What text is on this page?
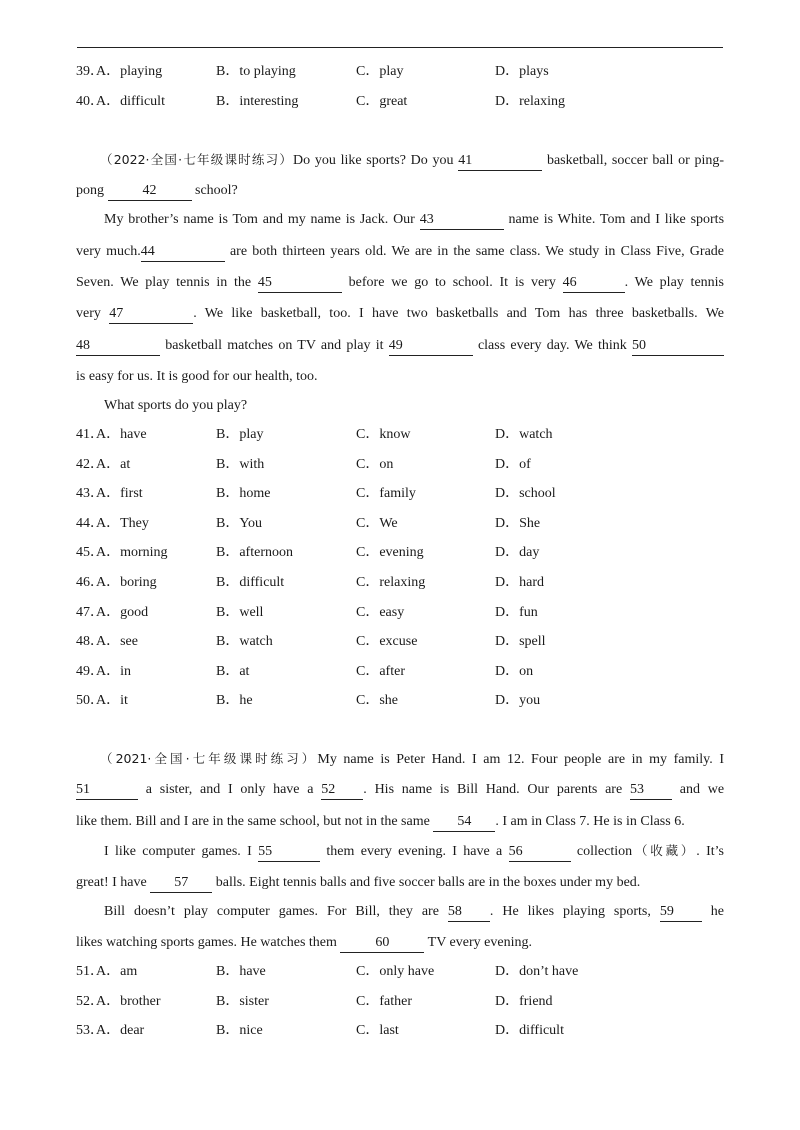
39．
A．playing	B．to playing	C．play	D．plays
40．
A．difficult	B．interesting	C．great	D．relaxing
（2022·全国·七年级课时练习）Do you like sports? Do you 41	basketball, soccer ball or ping-
pong	42	school?
My brother’s name is Tom and my name is Jack. Our 43	name is White. Tom and I like sports
very much.44	are both thirteen years old. We are in the same class. We study in Class Five, Grade
Seven. We play tennis in the 45	before we go to school. It is very 46	. We play tennis
very 47	. We like basketball, too. I have two basketballs and Tom has three basketballs. We
48	basketball matches on TV and play it 49	class every day. We think 50
is easy for us. It is good for our health, too.
What sports do you play?
41．
A．have	B．play	C．know	D．watch
42．
A．at	B．with	C．on	D．of
43．
A．first	B．home	C．family	D．school
44．
A．They	B．You	C．We	D．She
45．
A．morning	B．afternoon	C．evening	D．day
46．
A．boring	B．difficult	C．relaxing	D．hard
47．
A．good	B．well	C．easy	D．fun
48．
A．see	B．watch	C．excuse	D．spell
49．
A．in	B．at	C．after	D．on
50．
A．it	B．he	C．she	D．you
（2021·全国·七年级课时练习）My name is Peter Hand. I am 12. Four people are in my family. I
51	a sister, and I only have a 52 . His name is Bill Hand. Our parents are 53	and we
like them. Bill and I are in the same school, but not in the same 54 . I am in Class 7. He is in Class 6.
I like computer games. I 55	them every evening. I have a 56	collection（收藏）. It’s
great! I have 57 balls. Eight tennis balls and five soccer balls are in the boxes under my bed.
Bill doesn’t play computer games. For Bill, they are 58 . He likes playing sports, 59	he
likes watching sports games. He watches them	60	TV every evening.
51．
A．am	B．have	C．only have	D．don’t have
52．
A．brother	B．sister	C．father	D．friend
53．
A．dear	B．nice	C．last	D．difficult
